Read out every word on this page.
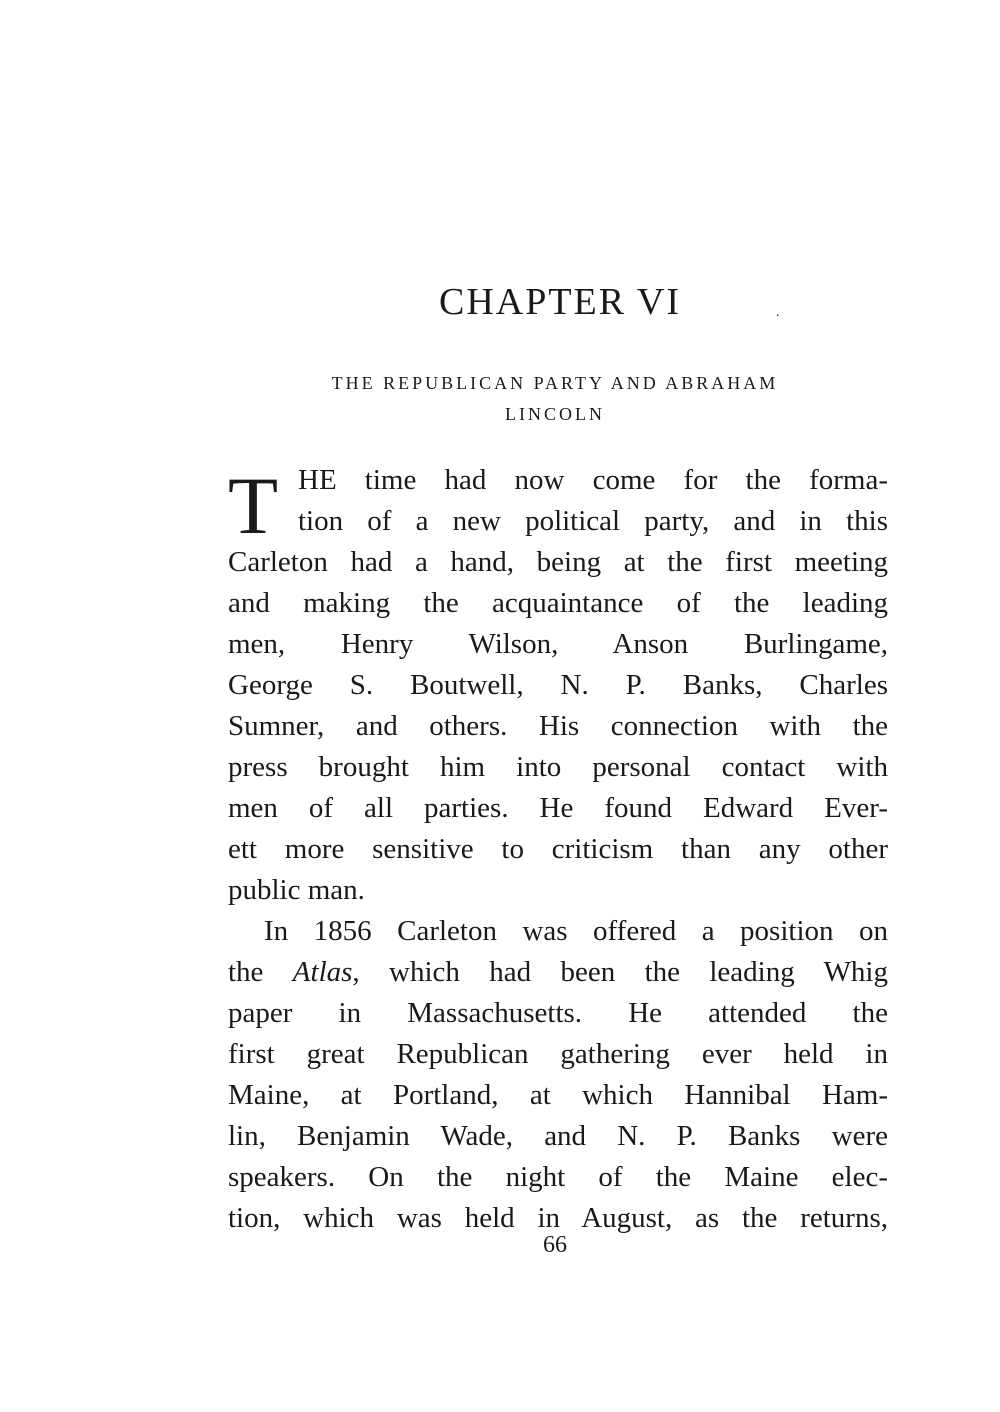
CHAPTER VI	.
THE REPUBLICAN PARTY AND ABRAHAM
LINCOLN
T HE time had now come for the forma-
tion of a new political party, and in this
Carleton had a hand, being at the first meeting
and making the acquaintance of the leading
men, Henry Wilson, Anson Burlingame,
George S. Boutwell, N. P. Banks, Charles
Sumner, and others. His connection with the
press brought him into personal contact with
men of all parties. He found Edward Ever-
ett more sensitive to criticism than any other
public man.
In 1856 Carleton was offered a position on
the Atlas, which had been the leading Whig
paper in Massachusetts. He attended the
first great Republican gathering ever held in
Maine, at Portland, at which Hannibal Ham-
lin, Benjamin Wade, and N. P. Banks were
speakers. On the night of the Maine elec-
tion, which was held in August, as the returns,
66
